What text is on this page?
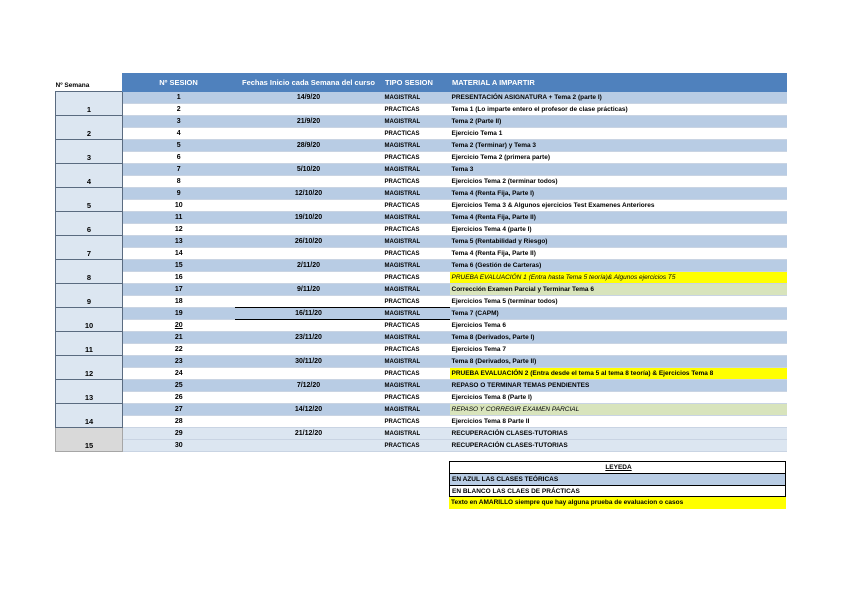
Nº Semana	Nº SESION	Fechas Inicio cada Semana del curso	TIPO SESION	MATERIAL A IMPARTIR
1	1	14/9/20	MAGISTRAL	PRESENTACIÓN ASIGNATURA + Tema 2 (parte I)
	2		PRACTICAS	Tema 1 (Lo imparte entero el profesor de clase prácticas)
2	3	21/9/20	MAGISTRAL	Tema 2 (Parte II)
	4		PRACTICAS	Ejercicio Tema 1
3	5	28/9/20	MAGISTRAL	Tema 2 (Terminar) y Tema 3
	6		PRACTICAS	Ejercicio Tema 2 (primera parte)
4	7	5/10/20	MAGISTRAL	Tema 3
	8		PRACTICAS	Ejercicios Tema 2 (terminar todos)
5	9	12/10/20	MAGISTRAL	Tema 4 (Renta Fija, Parte I)
	10		PRACTICAS	Ejercicios Tema 3 & Algunos ejercicios Test Examenes Anteriores
6	11	19/10/20	MAGISTRAL	Tema 4 (Renta Fija, Parte II)
	12		PRACTICAS	Ejercicios Tema 4 (parte I)
7	13	26/10/20	MAGISTRAL	Tema 5 (Rentabilidad y Riesgo)
	14		PRACTICAS	Tema 4 (Renta Fija, Parte II)
8	15	2/11/20	MAGISTRAL	Tema 6 (Gestión de Carteras)
	16		PRACTICAS	PRUEBA EVALUACIÓN 1 (Entra hasta Tema 5 teoría)& Algunos ejercicios T5
9	17	9/11/20	MAGISTRAL	Corrección Examen Parcial y Terminar Tema 6
	18		PRACTICAS	Ejercicios Tema 5 (terminar todos)
10	19	16/11/20	MAGISTRAL	Tema 7 (CAPM)
	20		PRACTICAS	Ejercicios Tema 6
11	21	23/11/20	MAGISTRAL	Tema 8 (Derivados, Parte I)
	22		PRACTICAS	Ejercicios Tema 7
12	23	30/11/20	MAGISTRAL	Tema 8 (Derivados, Parte II)
	24		PRACTICAS	PRUEBA EVALUACIÓN 2 (Entra desde el tema 5 al tema 8 teoría) & Ejercicios Tema 8
13	25	7/12/20	MAGISTRAL	REPASO O TERMINAR TEMAS PENDIENTES
	26		PRACTICAS	Ejercicios Tema 8 (Parte I)
14	27	14/12/20	MAGISTRAL	REPASO Y CORREGIR EXAMEN PARCIAL
	28		PRACTICAS	Ejercicios Tema 8 Parte II
15	29	21/12/20	MAGISTRAL	RECUPERACIÓN CLASES-TUTORIAS
	30		PRACTICAS	RECUPERACIÓN CLASES-TUTORIAS
LEYEDA
EN AZUL LAS CLASES TEÓRICAS
EN BLANCO LAS CLAES DE PRÁCTICAS
Texto en AMARILLO siempre que hay alguna prueba de evaluacion o casos
